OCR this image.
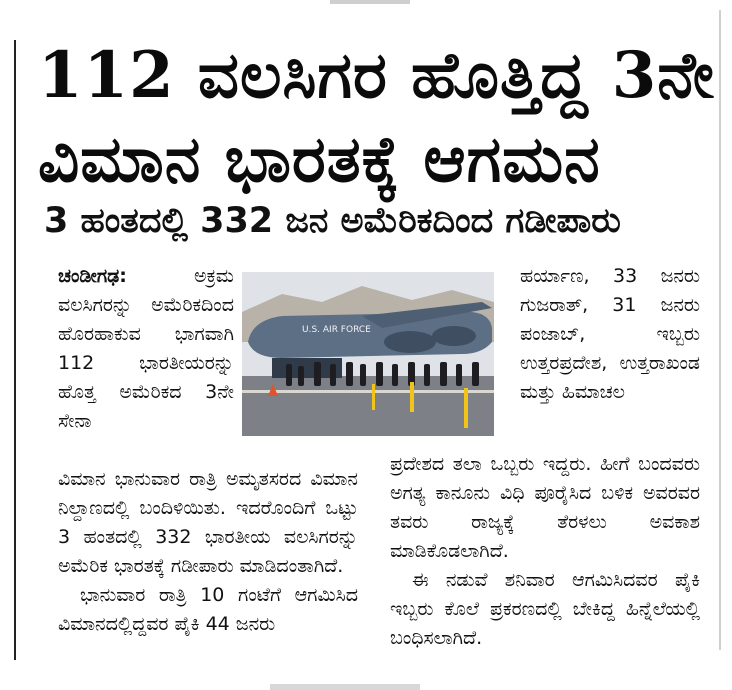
112 ವಲಸಿಗರ ಹೊತ್ತಿದ್ದ 3ನೇ
ವಿಮಾನ ಭಾರತಕ್ಕೆ ಆಗಮನ
3 ಹಂತದಲ್ಲಿ 332 ಜನ ಅಮೆರಿಕದಿಂದ ಗಡೀಪಾರು

ಚಂಡೀಗಢ:	ಅಕ್ರಮ ವಲಸಿಗರನ್ನು ಅಮೆರಿಕದಿಂದ ಹೊರಹಾಕುವ ಭಾಗವಾಗಿ 112 ಭಾರತೀಯರನ್ನು ಹೊತ್ತ ಅಮೆರಿಕದ 3ನೇ ಸೇನಾ

U.S. AIR FORCE

ಹರ್ಯಾಣ, 33 ಜನರು ಗುಜರಾತ್, 31 ಜನರು ಪಂಜಾಬ್, ಇಬ್ಬರು ಉತ್ತರಪ್ರದೇಶ, ಉತ್ತರಾಖಂಡ ಮತ್ತು ಹಿಮಾಚಲ

ವಿಮಾನ ಭಾನುವಾರ ರಾತ್ರಿ ಅಮೃತಸರದ ವಿಮಾನ ನಿಲ್ದಾಣದಲ್ಲಿ ಬಂದಿಳಿಯಿತು. ಇದರೊಂದಿಗೆ ಒಟ್ಟು 3 ಹಂತದಲ್ಲಿ 332 ಭಾರತೀಯ ವಲಸಿಗರನ್ನು ಅಮೆರಿಕ ಭಾರತಕ್ಕೆ ಗಡೀಪಾರು ಮಾಡಿದಂತಾಗಿದೆ.

ಭಾನುವಾರ ರಾತ್ರಿ 10 ಗಂಟೆಗೆ ಆಗಮಿಸಿದ ವಿಮಾನದಲ್ಲಿದ್ದವರ ಪೈಕಿ 44 ಜನರು

ಪ್ರದೇಶದ ತಲಾ ಒಬ್ಬರು ಇದ್ದರು. ಹೀಗೆ ಬಂದವರು ಅಗತ್ಯ ಕಾನೂನು ವಿಧಿ ಪೂರೈಸಿದ ಬಳಿಕ ಅವರವರ ತವರು ರಾಜ್ಯಕ್ಕೆ ತೆರಳಲು ಅವಕಾಶ ಮಾಡಿಕೊಡಲಾಗಿದೆ.

ಈ ನಡುವೆ ಶನಿವಾರ ಆಗಮಿಸಿದವರ ಪೈಕಿ ಇಬ್ಬರು ಕೊಲೆ ಪ್ರಕರಣದಲ್ಲಿ ಬೇಕಿದ್ದ ಹಿನ್ನೆಲೆಯಲ್ಲಿ ಬಂಧಿಸಲಾಗಿದೆ.
